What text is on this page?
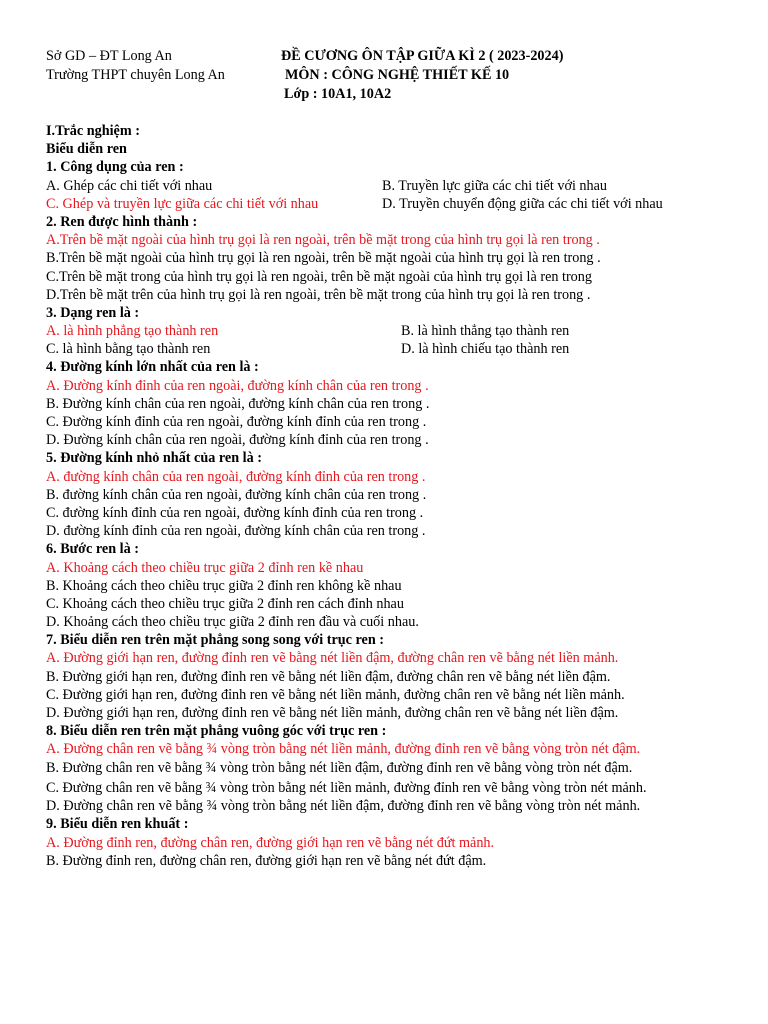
Sở GD – ĐT Long An
Trường THPT chuyên Long An
ĐỀ CƯƠNG ÔN TẬP GIỮA KÌ 2 ( 2023-2024)
MÔN : CÔNG NGHỆ THIẾT KẾ 10
Lớp : 10A1, 10A2
I.Trắc nghiệm :
Biểu diễn ren
1. Công dụng của ren :
A. Ghép các chi tiết với nhau	B. Truyền lực giữa các chi tiết với nhau
C. Ghép và truyền lực giữa các chi tiết với nhau	D. Truyền chuyển động giữa các chi tiết với nhau
2. Ren được hình thành :
A.Trên bề mặt ngoài của hình trụ gọi là ren ngoài, trên bề mặt trong của hình trụ gọi là ren trong .
B.Trên bề mặt ngoài của hình trụ gọi là ren ngoài, trên bề mặt ngoài của hình trụ gọi là ren trong .
C.Trên bề mặt trong của hình trụ gọi là ren ngoài, trên bề mặt ngoài của hình trụ gọi là ren trong
D.Trên bề mặt trên của hình trụ gọi là ren ngoài, trên bề mặt trong của hình trụ gọi là ren trong .
3. Dạng ren là :
A. là hình phẳng tạo thành ren	B. là hình thẳng tạo thành ren
C. là hình bằng tạo thành ren	D. là hình chiếu tạo thành ren
4. Đường kính lớn nhất của ren là :
A. Đường kính đỉnh của ren ngoài, đường kính chân của ren trong .
B. Đường kính chân của ren ngoài, đường kính chân của ren trong .
C. Đường kính đỉnh của ren ngoài, đường kính đỉnh của ren trong .
D. Đường kính chân của ren ngoài, đường kính đỉnh của ren trong .
5. Đường kính nhỏ nhất của ren là :
A. đường kính chân của ren ngoài, đường kính đỉnh của ren trong .
B. đường kính chân của ren ngoài, đường kính chân của ren trong .
C. đường kính đỉnh của ren ngoài, đường kính đỉnh của ren trong .
D. đường kính đỉnh của ren ngoài, đường kính chân của ren trong .
6. Bước ren là :
A. Khoảng cách theo chiều trục giữa 2 đỉnh ren kề nhau
B. Khoảng cách theo chiều trục giữa 2 đỉnh ren không kề nhau
C. Khoảng cách theo chiều trục giữa 2 đỉnh ren cách đỉnh nhau
D. Khoảng cách theo chiều trục giữa 2 đỉnh ren đầu và cuối nhau.
7. Biểu diễn ren trên mặt phẳng song song với trục ren :
A. Đường giới hạn ren, đường đỉnh ren vẽ bằng nét liền đậm, đường chân ren vẽ bằng nét liền mảnh.
B. Đường giới hạn ren, đường đỉnh ren vẽ bằng nét liền đậm, đường chân ren vẽ bằng nét liền đậm.
C. Đường giới hạn ren, đường đỉnh ren vẽ bằng nét liền mảnh, đường chân ren vẽ bằng nét liền mảnh.
D. Đường giới hạn ren, đường đỉnh ren vẽ bằng nét liền mảnh, đường chân ren vẽ bằng nét liền đậm.
8. Biểu diễn ren trên mặt phẳng vuông góc với trục ren :
A. Đường chân ren vẽ bằng ¾ vòng tròn bằng nét liền mảnh, đường đỉnh ren vẽ bằng vòng tròn nét đậm.
B. Đường chân ren vẽ bằng ¾ vòng tròn bằng nét liền đậm, đường đỉnh ren vẽ bằng vòng tròn nét đậm.
C. Đường chân ren vẽ bằng ¾ vòng tròn bằng nét liền mảnh, đường đỉnh ren vẽ bằng vòng tròn nét mảnh.
D. Đường chân ren vẽ bằng ¾ vòng tròn bằng nét liền đậm, đường đỉnh ren vẽ bằng vòng tròn nét mảnh.
9. Biểu diễn ren khuất :
A. Đường đỉnh ren, đường chân ren, đường giới hạn ren vẽ bằng nét đứt mảnh.
B. Đường đỉnh ren, đường chân ren, đường giới hạn ren vẽ bằng nét đứt đậm.
